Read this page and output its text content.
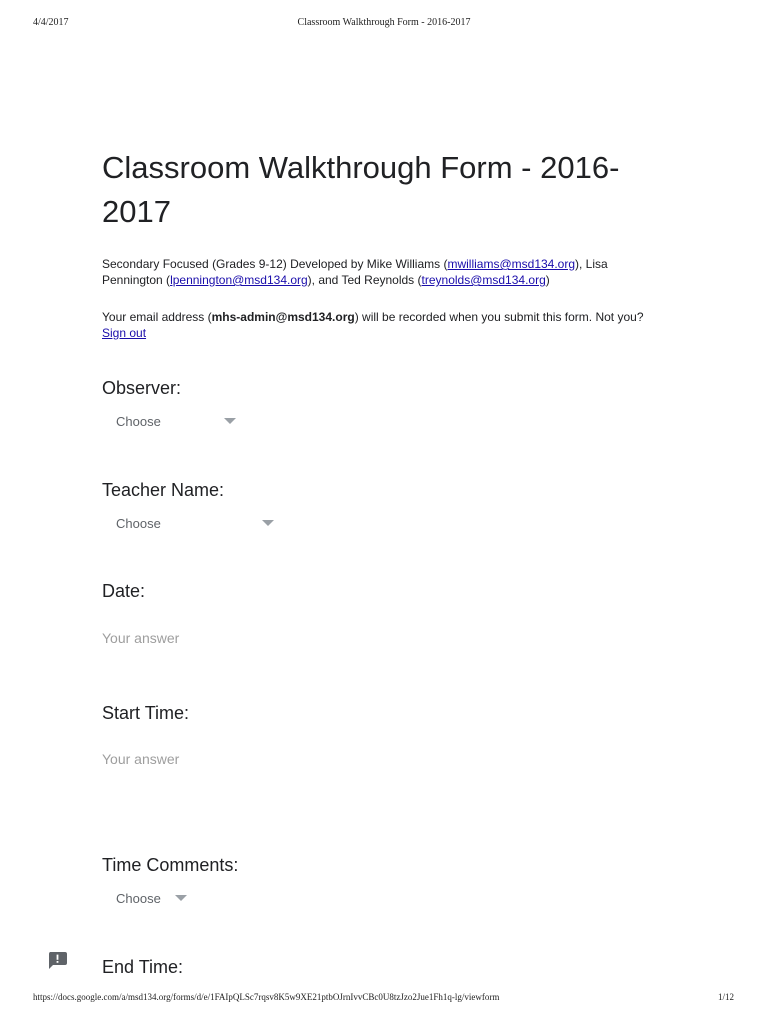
4/4/2017	Classroom Walkthrough Form - 2016-2017
Classroom Walkthrough Form - 2016-2017
Secondary Focused (Grades 9-12) Developed by Mike Williams (mwilliams@msd134.org), Lisa Pennington (lpennington@msd134.org), and Ted Reynolds (treynolds@msd134.org)
Your email address (mhs-admin@msd134.org) will be recorded when you submit this form. Not you?
Sign out
Observer:
Choose
Teacher Name:
Choose
Date:
Your answer
Start Time:
Your answer
Time Comments:
Choose
End Time:
https://docs.google.com/a/msd134.org/forms/d/e/1FAIpQLSc7rqsv8K5w9XE21ptbOJrnIvvCBc0U8tzJzo2Jue1Fh1q-lg/viewform	1/12
